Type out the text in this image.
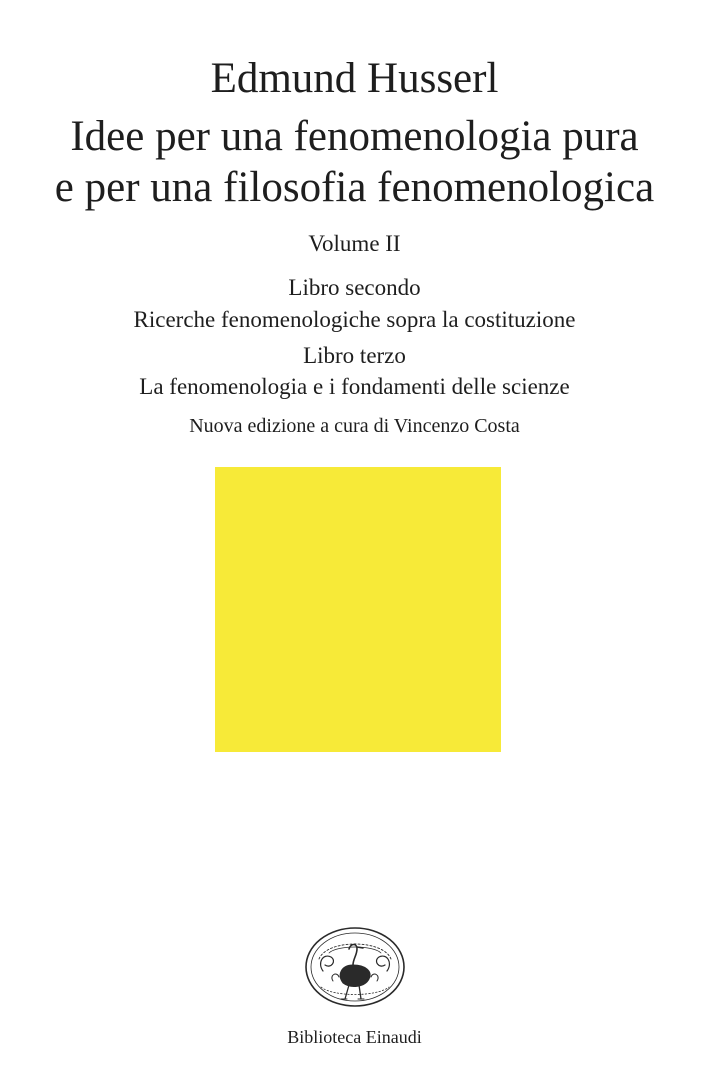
Edmund Husserl
Idee per una fenomenologia pura
e per una filosofia fenomenologica

Volume II

Libro secondo

Ricerche fenomenologiche sopra la costituzione

Libro terzo

La fenomenologia e i fondamenti delle scienze

Nuova edizione a cura di Vincenzo Costa

Biblioteca Einaudi
